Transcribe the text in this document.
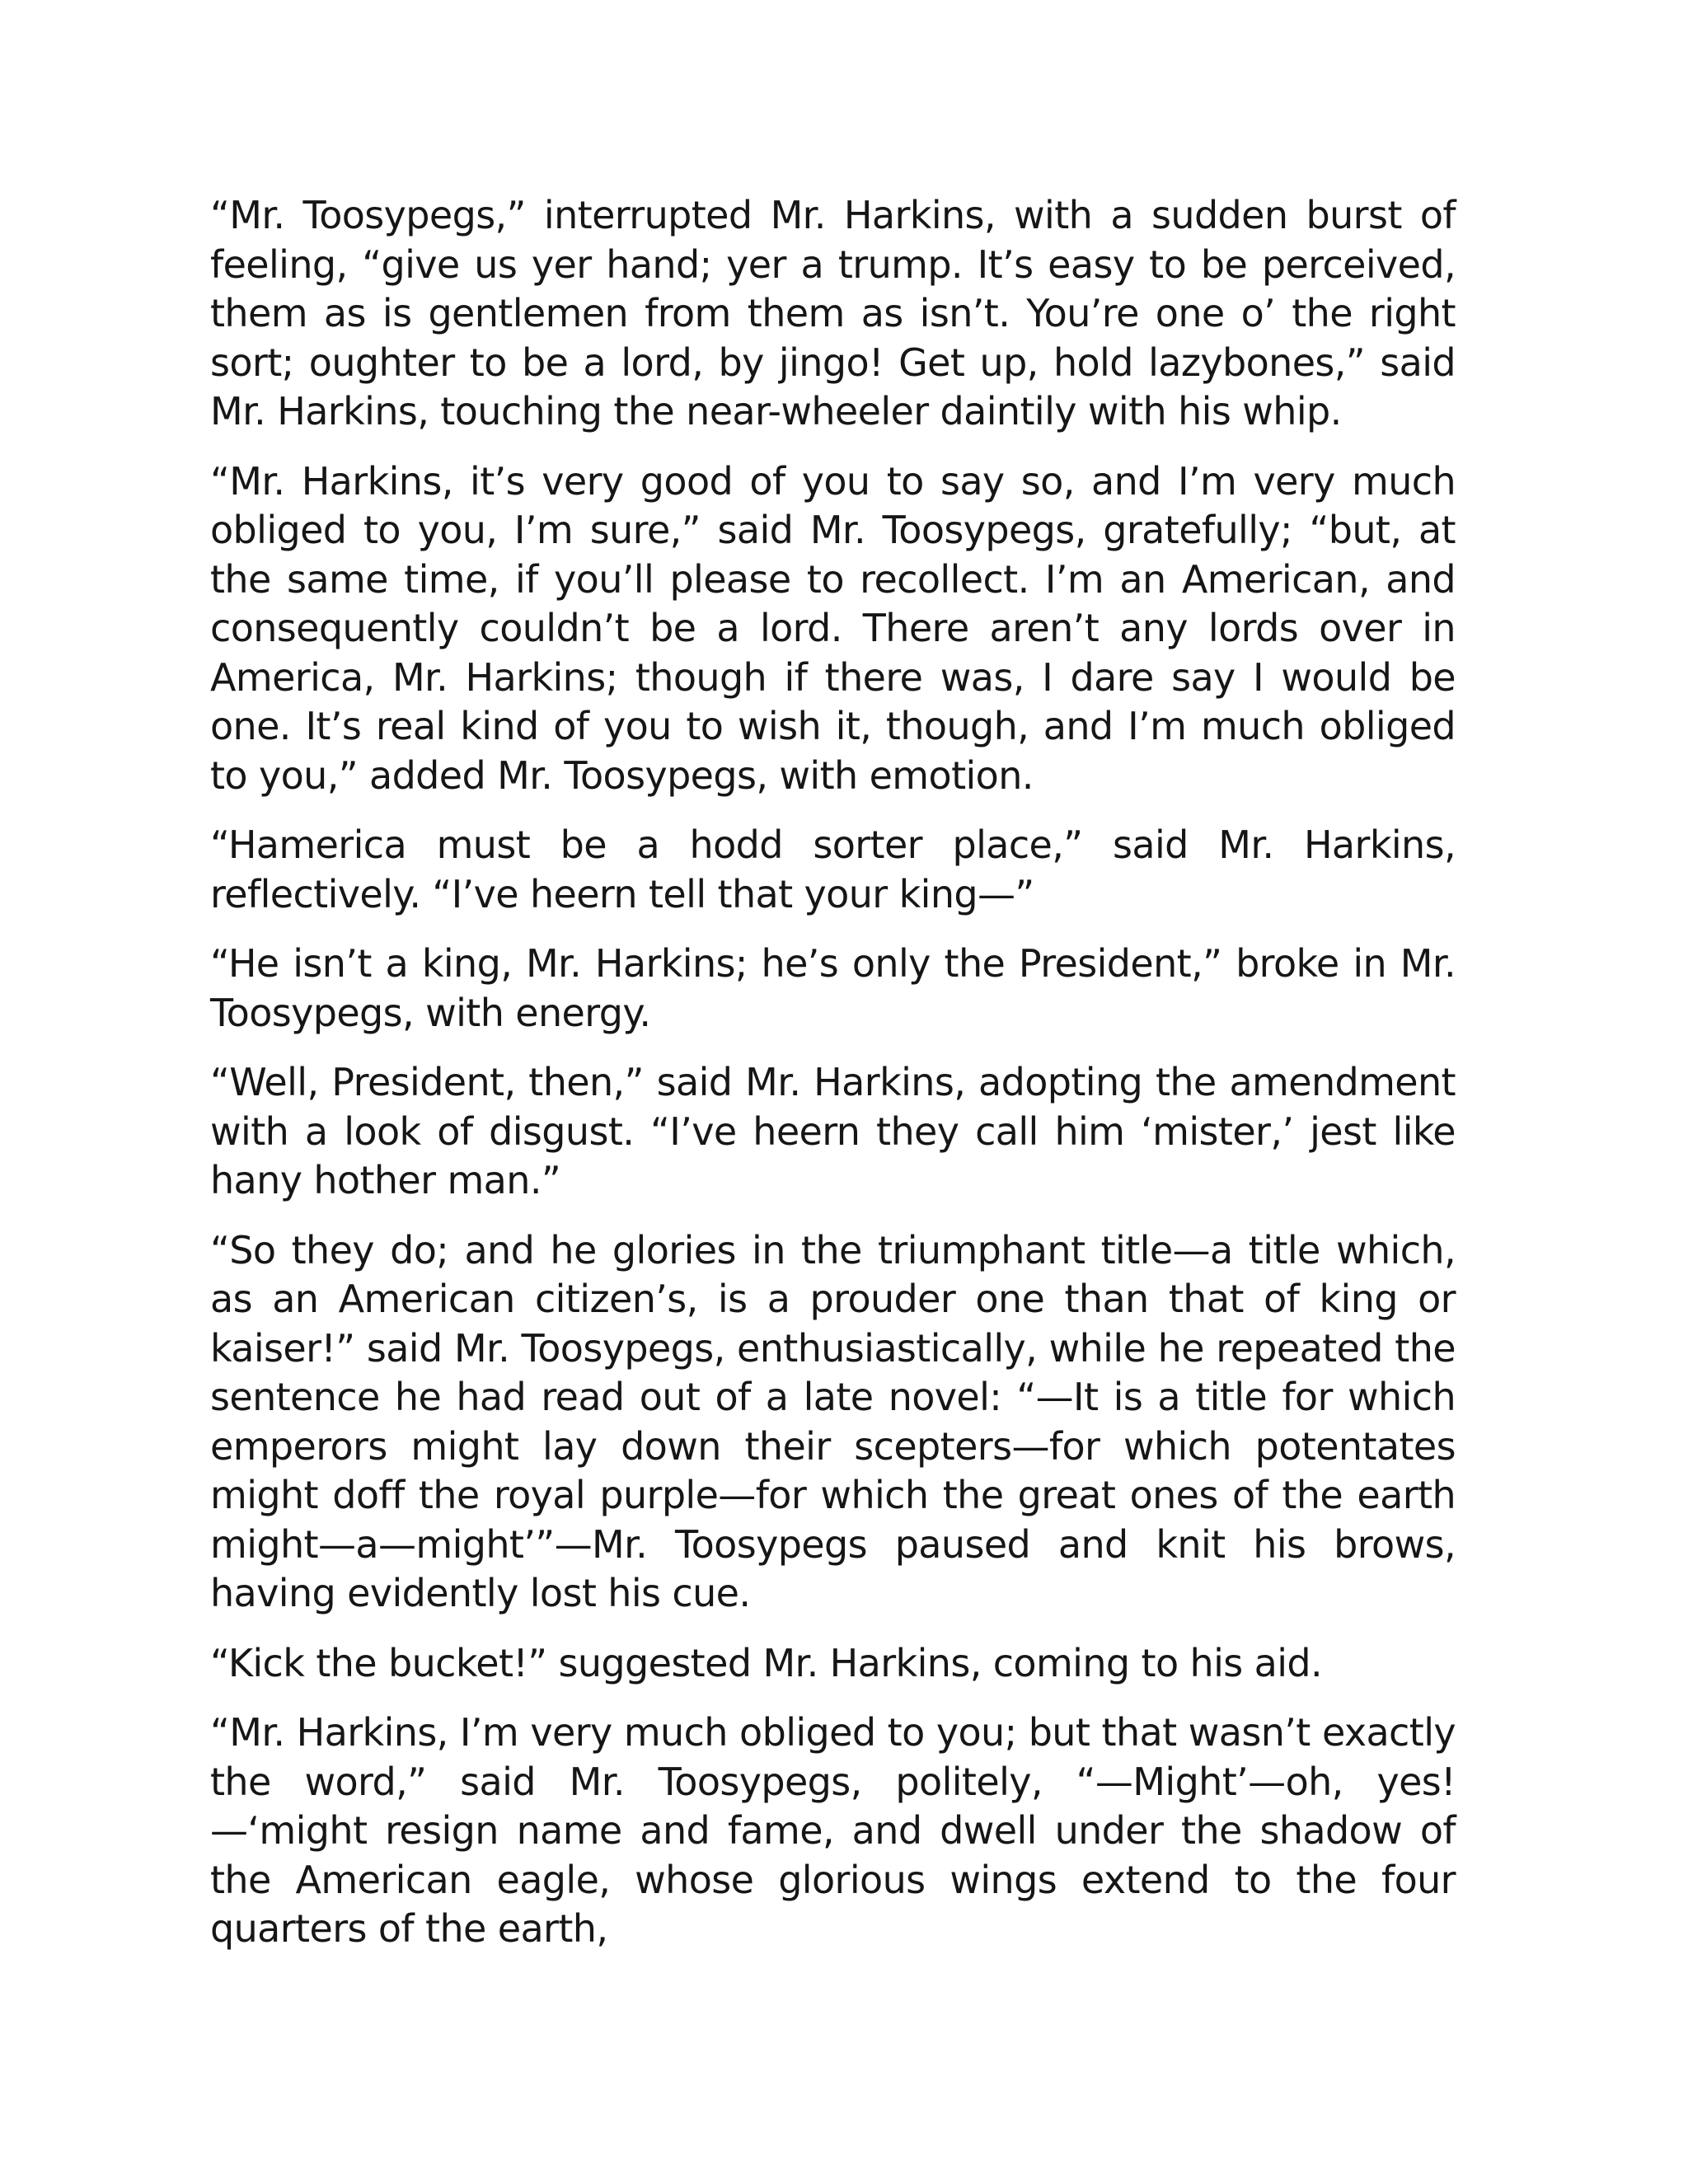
“Mr. Toosypegs,” interrupted Mr. Harkins, with a sudden burst of feeling, “give us yer hand; yer a trump. It’s easy to be perceived, them as is gentlemen from them as isn’t. You’re one o’ the right sort; oughter to be a lord, by jingo! Get up, hold lazybones,” said Mr. Harkins, touching the near-wheeler daintily with his whip.

“Mr. Harkins, it’s very good of you to say so, and I’m very much obliged to you, I’m sure,” said Mr. Toosypegs, gratefully; “but, at the same time, if you’ll please to recollect. I’m an American, and consequently couldn’t be a lord. There aren’t any lords over in America, Mr. Harkins; though if there was, I dare say I would be one. It’s real kind of you to wish it, though, and I’m much obliged to you,” added Mr. Toosypegs, with emotion.

“Hamerica must be a hodd sorter place,” said Mr. Harkins, reflectively. “I’ve heern tell that your king—”

“He isn’t a king, Mr. Harkins; he’s only the President,” broke in Mr. Toosypegs, with energy.

“Well, President, then,” said Mr. Harkins, adopting the amendment with a look of disgust. “I’ve heern they call him ‘mister,’ jest like hany hother man.”

“So they do; and he glories in the triumphant title—a title which, as an American citizen’s, is a prouder one than that of king or kaiser!” said Mr. Toosypegs, enthusiastically, while he repeated the sentence he had read out of a late novel: “—It is a title for which emperors might lay down their scepters—for which potentates might doff the royal purple—for which the great ones of the earth might—a—might’”—Mr. Toosypegs paused and knit his brows, having evidently lost his cue.

“Kick the bucket!” suggested Mr. Harkins, coming to his aid.

“Mr. Harkins, I’m very much obliged to you; but that wasn’t exactly the word,” said Mr. Toosypegs, politely, “—Might’—oh, yes!—‘might resign name and fame, and dwell under the shadow of the American eagle, whose glorious wings extend to the four quarters of the earth,
